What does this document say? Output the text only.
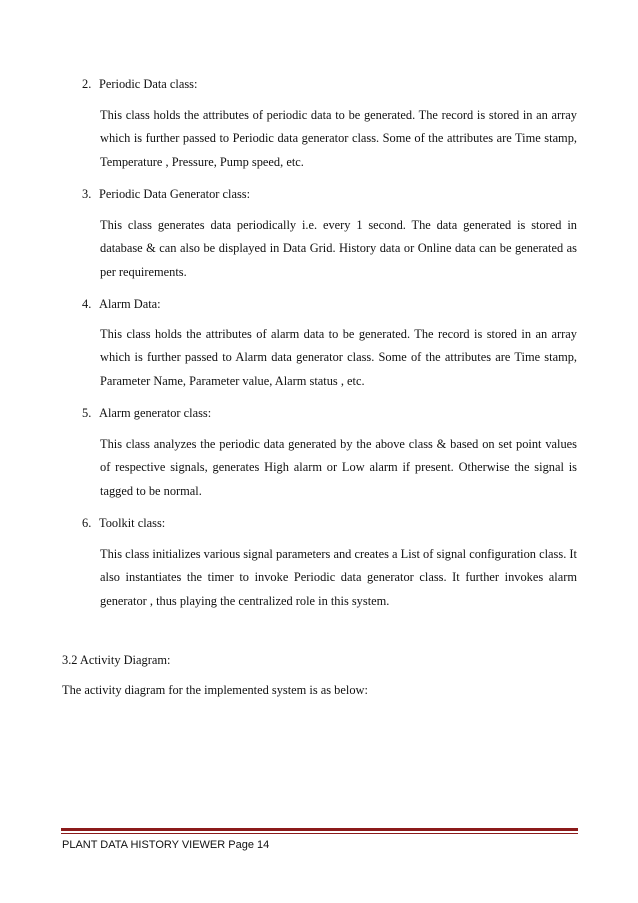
2. Periodic Data class:
This class holds the attributes of periodic data to be generated. The record is stored in an array which is further passed to Periodic data generator class. Some of the attributes are Time stamp, Temperature , Pressure, Pump speed, etc.
3. Periodic Data Generator class:
This class generates data periodically i.e. every 1 second. The data generated is stored in database & can also be displayed in Data Grid. History data or Online data can be generated as per requirements.
4. Alarm Data:
This class holds the attributes of alarm data to be generated. The record is stored in an array which is further passed to Alarm data generator class. Some of the attributes are Time stamp, Parameter Name, Parameter value, Alarm status , etc.
5. Alarm generator class:
This class analyzes the periodic data generated by the above class & based on set point values of respective signals, generates High alarm or Low alarm if present. Otherwise the signal is tagged to be normal.
6. Toolkit class:
This class initializes various signal parameters and creates a List of signal configuration class. It also instantiates the timer to invoke Periodic data generator class. It further invokes alarm generator , thus playing the centralized role in this system.
3.2 Activity Diagram:
The activity diagram for the implemented system is as below:
PLANT DATA HISTORY VIEWER Page 14
